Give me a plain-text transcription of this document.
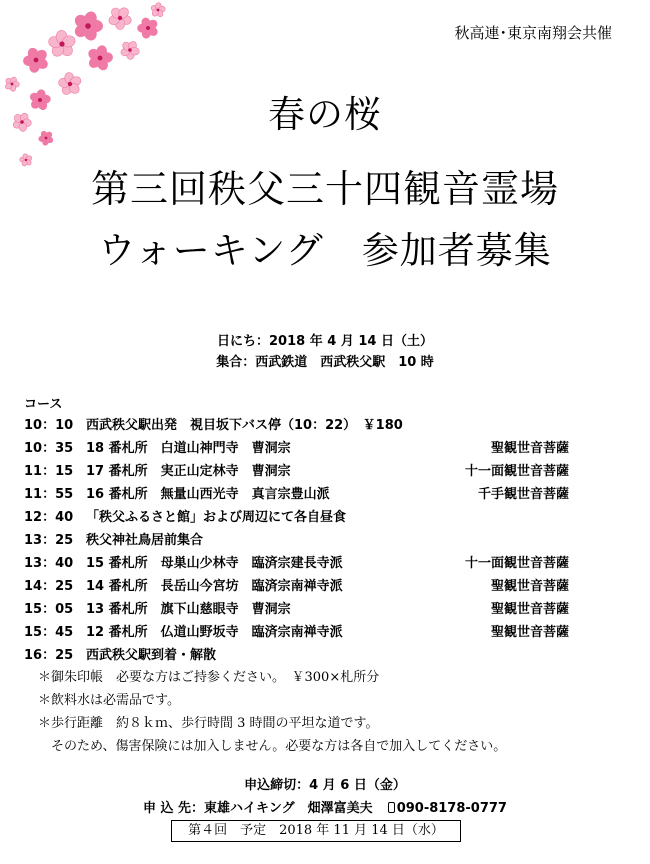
秋高連･東京南翔会共催
春の桜
第三回秩父三十四観音霊場
ウォーキング　参加者募集
日にち：2018 年 4 月 14 日（土）
集合：西武鉄道　西武秩父駅　10 時
コース
10：10 西武秩父駅出発　視目坂下バス停（10：22）　￥180
10：35 18 番札所　白道山神門寺　曹洞宗	聖観世音菩薩
11：15 17 番札所　実正山定林寺　曹洞宗	十一面観世音菩薩
11：55 16 番札所　無量山西光寺　真言宗豊山派	千手観世音菩薩
12：40 「秩父ふるさと館」および周辺にて各自昼食
13：25 秩父神社鳥居前集合
13：40 15 番札所　母巣山少林寺　臨済宗建長寺派	十一面観世音菩薩
14：25 14 番札所　長岳山今宮坊　臨済宗南禅寺派	聖観世音菩薩
15：05 13 番札所　旗下山慈眼寺　曹洞宗	聖観世音菩薩
15：45 12 番札所　仏道山野坂寺　臨済宗南禅寺派	聖観世音菩薩
16：25 西武秩父駅到着・解散
＊御朱印帳　必要な方はご持参ください。　￥300×札所分
＊飲料水は必需品です。
＊歩行距離　約８ｋｍ、歩行時間 3 時間の平坦な道です。
　そのため、傷害保険には加入しません。必要な方は各自で加入してください。
申込締切：4 月 6 日（金）
申 込 先：東雄ハイキング　畑澤富美夫　 090-8178-0777
第４回　予定　2018 年 11 月 14 日（水）
